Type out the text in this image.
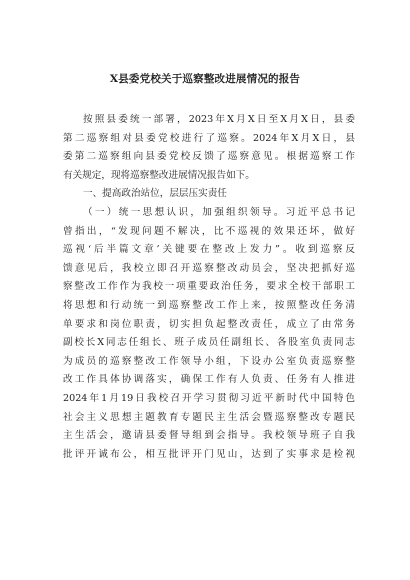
X县委党校关于巡察整改进展情况的报告
按照县委统一部署，2023年X月X日至X月X日，县委
第二巡察组对县委党校进行了巡察。2024年X月X日，县
委第二巡察组向县委党校反馈了巡察意见。根据巡察工作
有关规定，现将巡察整改进展情况报告如下。
一、提高政治站位，层层压实责任
（一）统一思想认识，加强组织领导。习近平总书记
曾指出，“发现问题不解决，比不巡视的效果还坏，做好
巡视‘后半篇文章’关键要在整改上发力”。收到巡察反
馈意见后，我校立即召开巡察整改动员会，坚决把抓好巡
察整改工作作为我校一项重要政治任务，要求全校干部职工
将思想和行动统一到巡察整改工作上来，按照整改任务清
单要求和岗位职责，切实担负起整改责任，成立了由常务
副校长X同志任组长、班子成员任副组长、各股室负责同志
为成员的巡察整改工作领导小组，下设办公室负责巡察整
改工作具体协调落实，确保工作有人负责、任务有人推进
2024年1月19日我校召开学习贯彻习近平新时代中国特色
社会主义思想主题教育专题民主生活会暨巡察整改专题民
主生活会，邀请县委督导组到会指导。我校领导班子自我
批评开诚布公，相互批评开门见山，达到了实事求是检视
